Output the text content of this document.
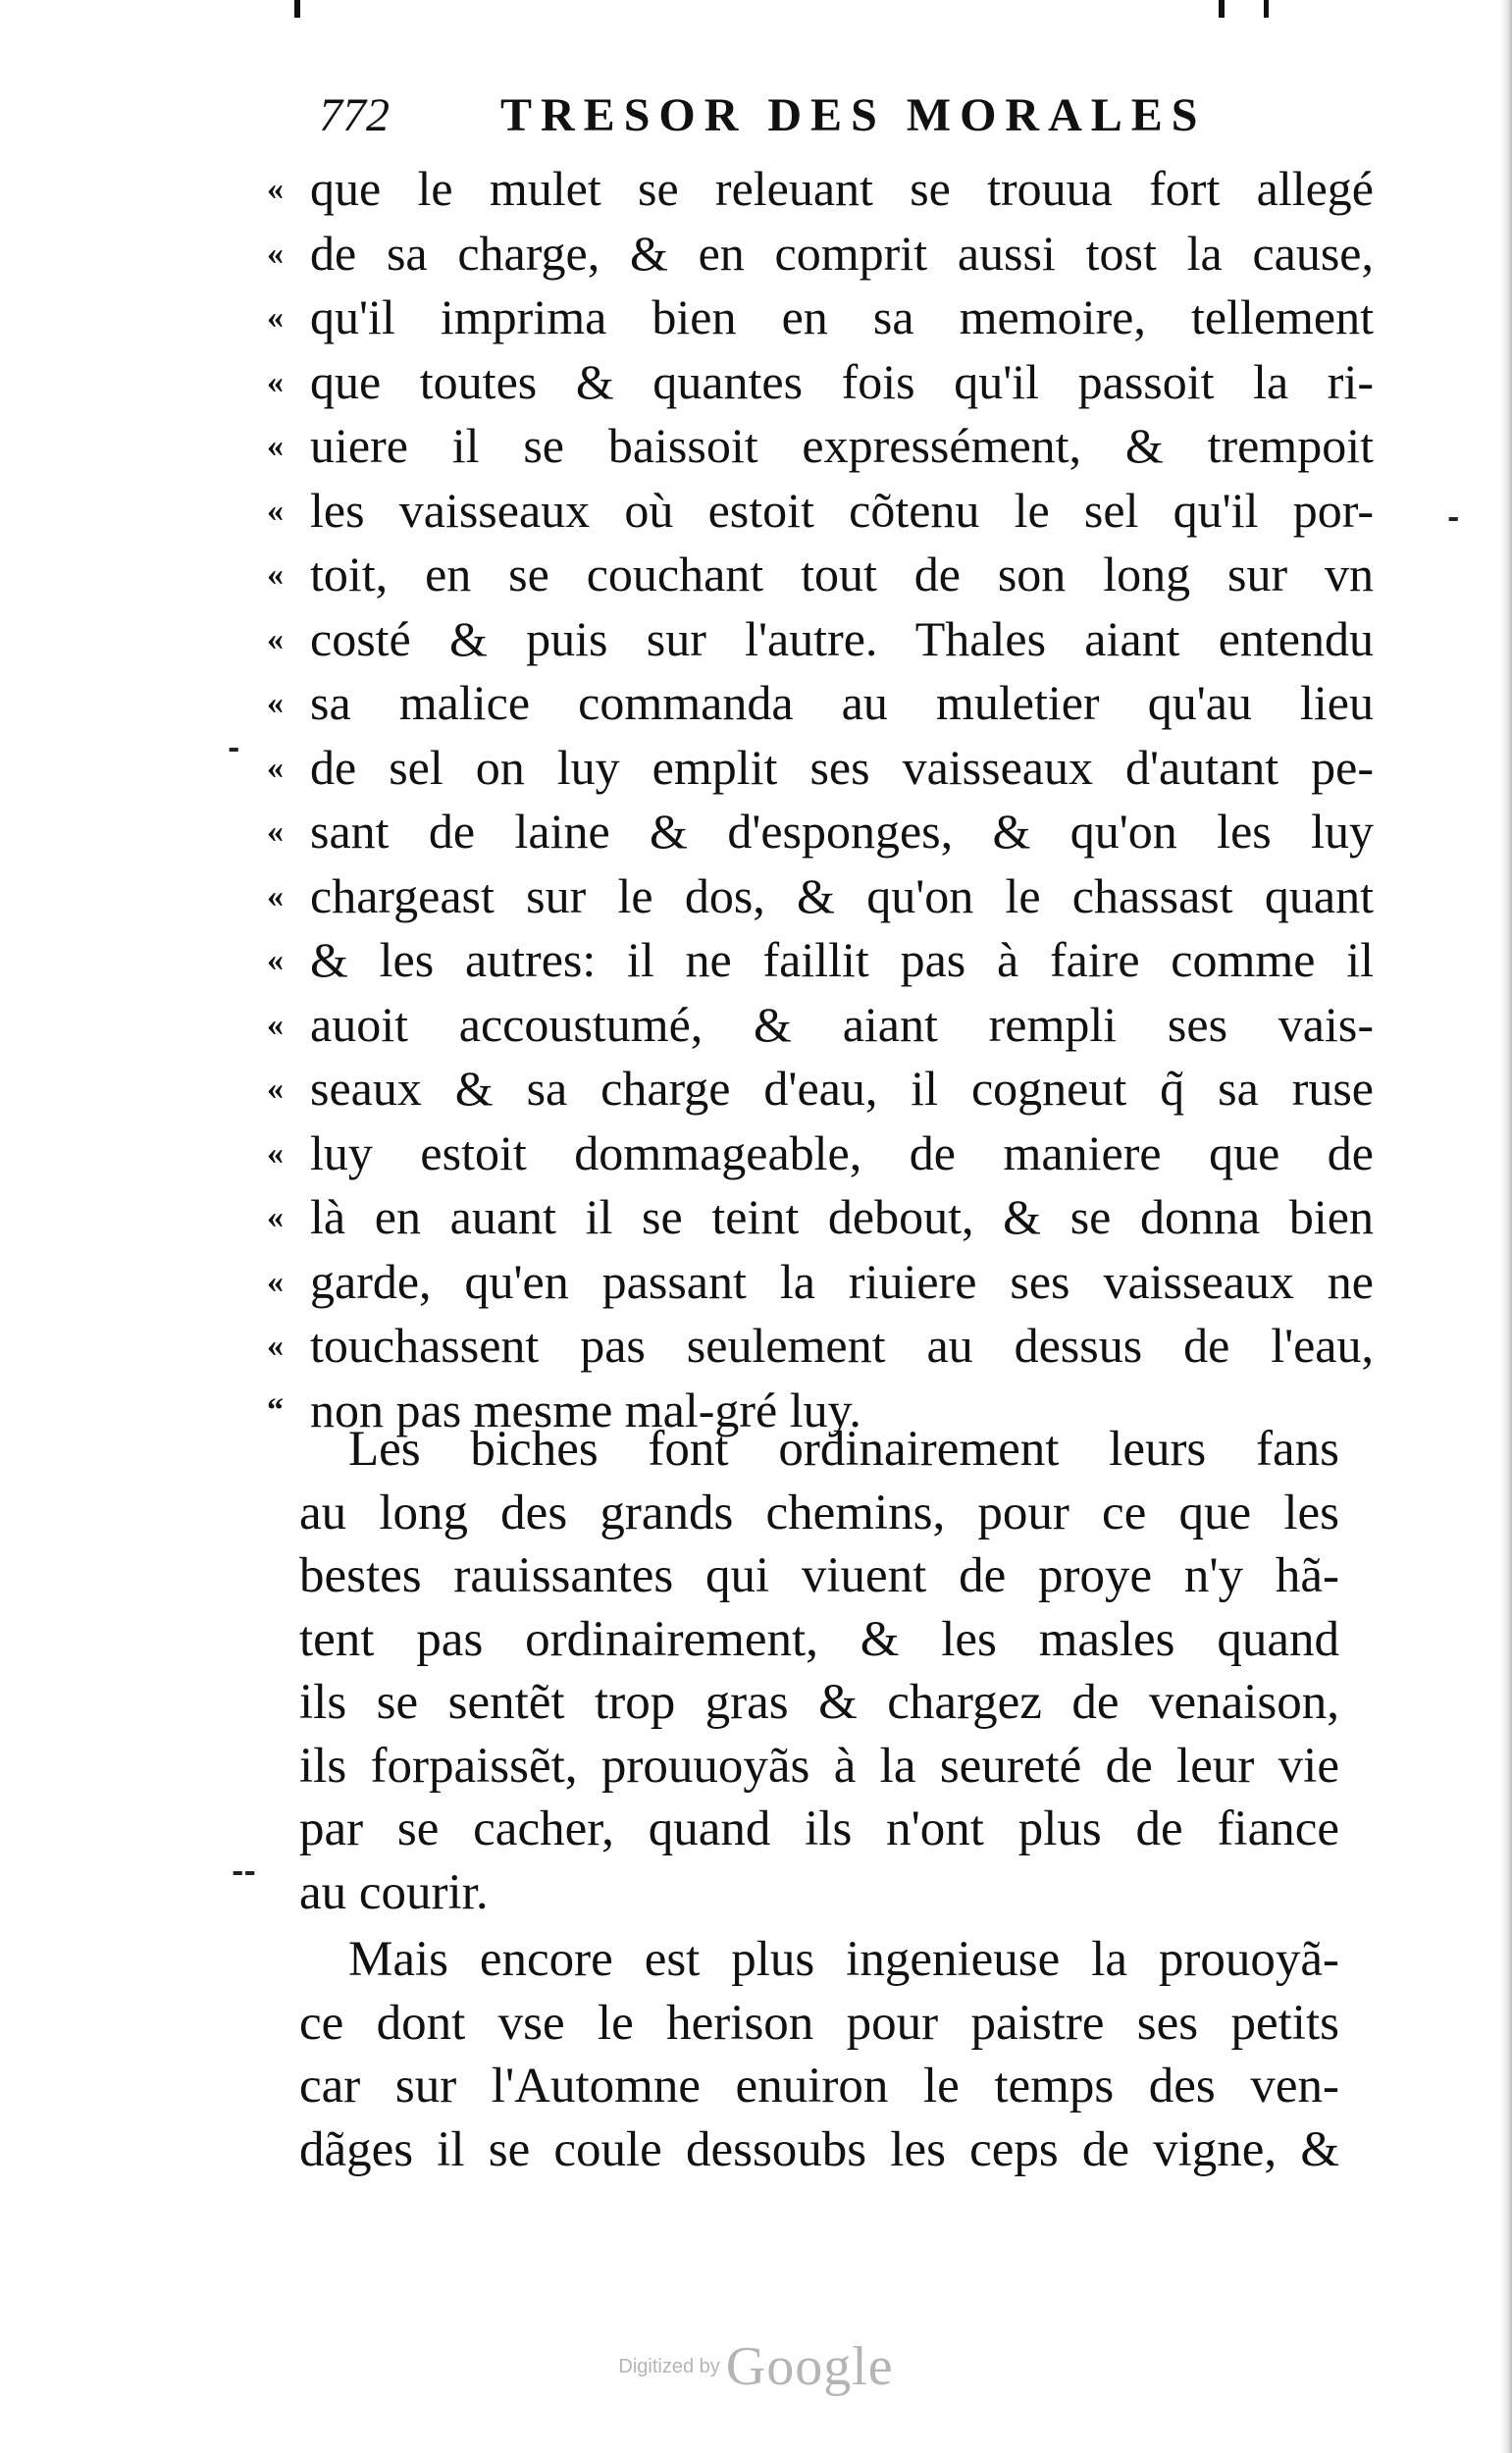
772 TRESOR DES MORALES
« que le mulet se releuant se trouua fort allegé
« de sa charge, & en comprit aussi tost la cause,
« qu'il imprima bien en sa memoire, tellement
« que toutes & quantes fois qu'il passoit la ri-
« uiere il se baissoit expressément, & trempoit
« les vaisseaux où estoit cõtenu le sel qu'il por-
« toit, en se couchant tout de son long sur vn
« costé & puis sur l'autre. Thales aiant entendu
« sa malice commanda au muletier qu'au lieu
« de sel on luy emplit ses vaisseaux d'autant pe-
« sant de laine & d'esponges, & qu'on les luy
« chargeast sur le dos, & qu'on le chassast quant
« & les autres: il ne faillit pas à faire comme il
« auoit accoustumé, & aiant rempli ses vais-
« seaux & sa charge d'eau, il cogneut q̃ sa ruse
« luy estoit dommageable, de maniere que de
« là en auant il se teint debout, & se donna bien
« garde, qu'en passant la riuiere ses vaisseaux ne
« touchassent pas seulement au dessus de l'eau,
“ non pas mesme mal-gré luy.
Les biches font ordinairement leurs fans
au long des grands chemins, pour ce que les
bestes rauissantes qui viuent de proye n'y hã-
tent pas ordinairement, & les masles quand
ils se sentẽt trop gras & chargez de venaison,
ils forpaissẽt, prouuoyãs à la seureté de leur vie
par se cacher, quand ils n'ont plus de fiance
au courir.
Mais encore est plus ingenieuse la prouoyã-
ce dont vse le herison pour paistre ses petits
car sur l'Automne enuiron le temps des ven-
dãges il se coule dessoubs les ceps de vigne, &
‐
‐‐
‐
Digitized by Google
